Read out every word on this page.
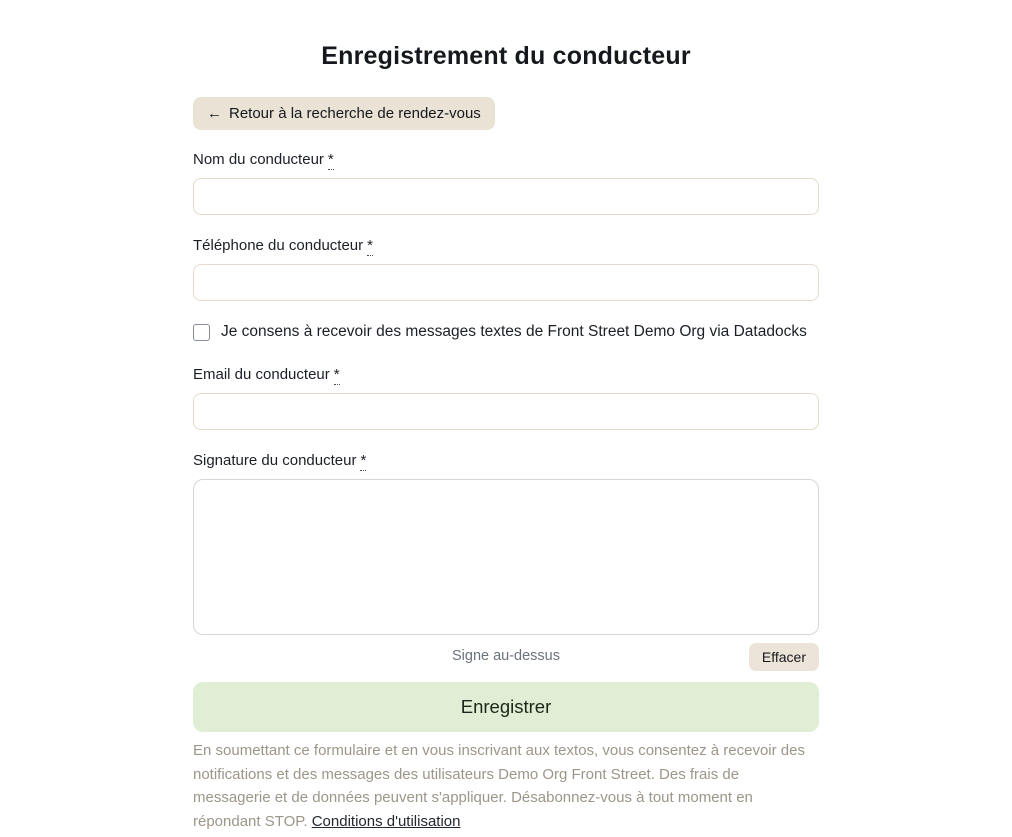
Enregistrement du conducteur
← Retour à la recherche de rendez-vous
Nom du conducteur *
Téléphone du conducteur *
Je consens à recevoir des messages textes de Front Street Demo Org via Datadocks
Email du conducteur *
Signature du conducteur *
Signe au-dessus	Effacer
Enregistrer

En soumettant ce formulaire et en vous inscrivant aux textos, vous consentez à recevoir des notifications et des messages des utilisateurs Demo Org Front Street. Des frais de messagerie et de données peuvent s'appliquer. Désabonnez-vous à tout moment en répondant STOP. Conditions d'utilisation
